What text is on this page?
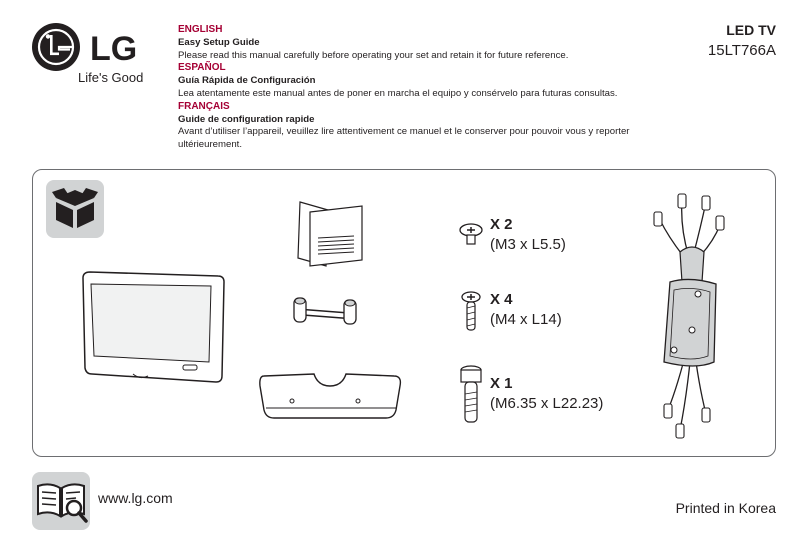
LG
Life's Good
ENGLISH
Easy Setup Guide
Please read this manual carefully before operating your set and retain it for future reference.
ESPAÑOL
Guía Rápida de Configuración
Lea atentamente este manual antes de poner en marcha el equipo y consérvelo para futuras consultas.
FRANÇAIS
Guide de configuration rapide
Avant d’utiliser l’appareil, veuillez lire attentivement ce manuel et le conserver pour pouvoir vous y reporter ultérieurement.
LED TV
15LT766A
X 2
(M3 x L5.5)
X 4
(M4 x L14)
X 1
(M6.35 x L22.23)
www.lg.com
Printed in Korea
